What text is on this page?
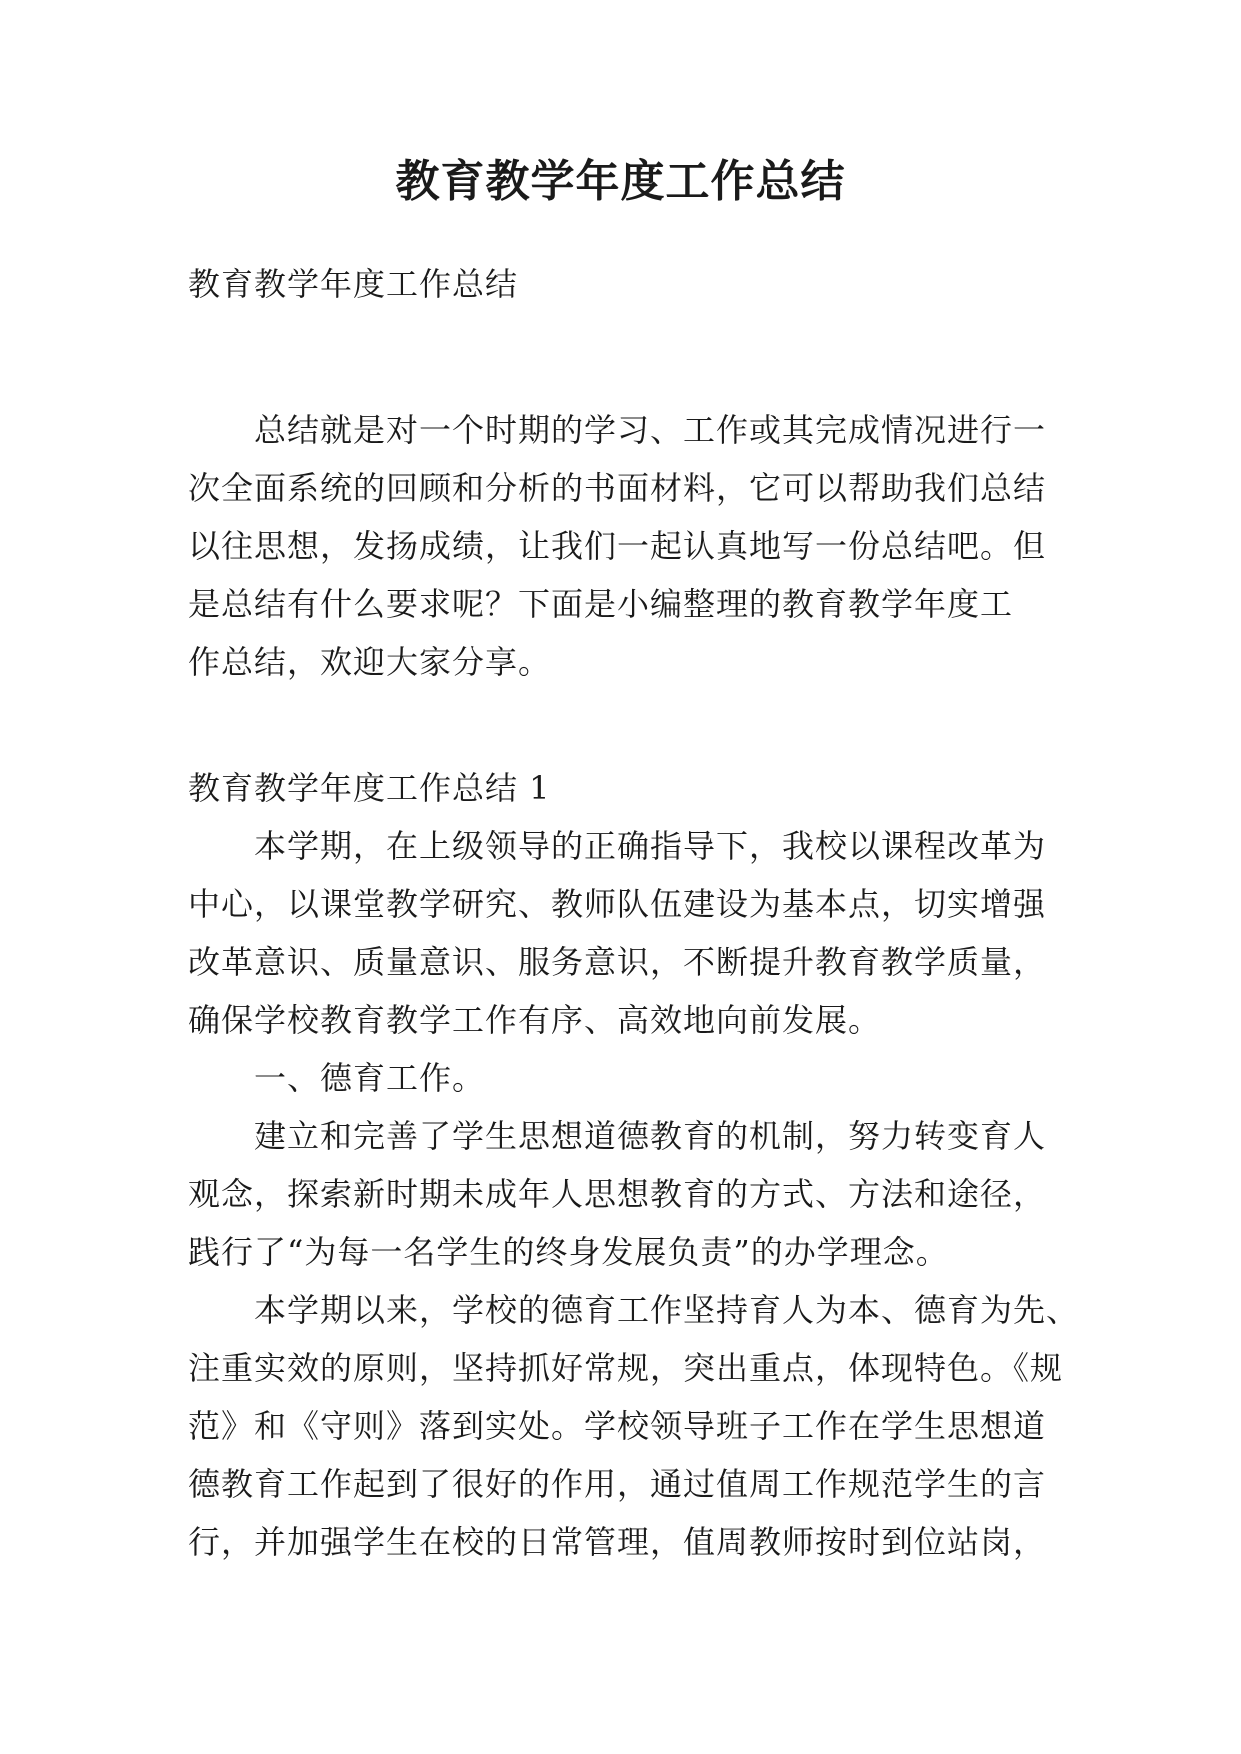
教育教学年度工作总结
教育教学年度工作总结
总结就是对一个时期的学习、工作或其完成情况进行一
次全面系统的回顾和分析的书面材料，它可以帮助我们总结
以往思想，发扬成绩，让我们一起认真地写一份总结吧。但
是总结有什么要求呢？下面是小编整理的教育教学年度工
作总结，欢迎大家分享。
教育教学年度工作总结 1
本学期，在上级领导的正确指导下，我校以课程改革为
中心，以课堂教学研究、教师队伍建设为基本点，切实增强
改革意识、质量意识、服务意识，不断提升教育教学质量，
确保学校教育教学工作有序、高效地向前发展。
一、德育工作。
建立和完善了学生思想道德教育的机制，努力转变育人
观念，探索新时期未成年人思想教育的方式、方法和途径，
践行了“为每一名学生的终身发展负责”的办学理念。
本学期以来，学校的德育工作坚持育人为本、德育为先、
注重实效的原则，坚持抓好常规，突出重点，体现特色。《规
范》和《守则》落到实处。学校领导班子工作在学生思想道
德教育工作起到了很好的作用，通过值周工作规范学生的言
行，并加强学生在校的日常管理，值周教师按时到位站岗，
